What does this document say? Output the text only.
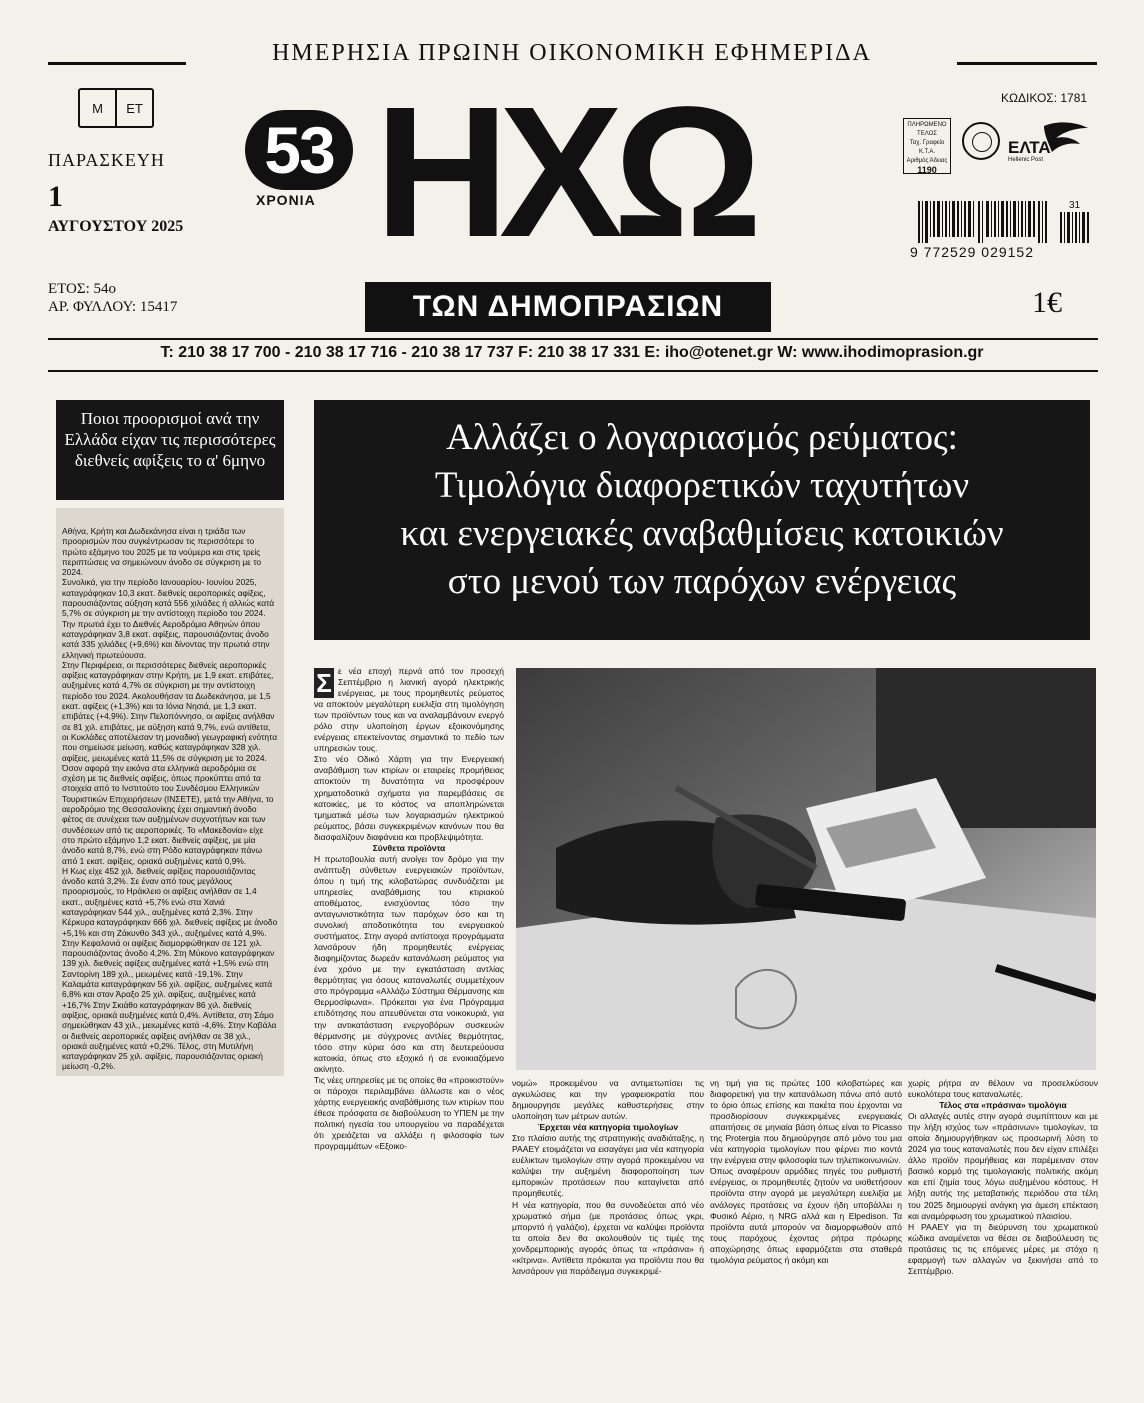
ΗΜΕΡΗΣΙΑ ΠΡΩΙΝΗ ΟΙΚΟΝΟΜΙΚΗ ΕΦΗΜΕΡΙΔΑ
Μ	ΕΤ
ΠΑΡΑΣΚΕΥΗ
1
ΑΥΓΟΥΣΤΟΥ 2025
ΕΤΟΣ: 54ο
ΑΡ. ΦΥΛΛΟΥ: 15417
53
ΧΡΟΝΙΑ ΗΧΩ
ΤΩΝ ΔΗΜΟΠΡΑΣΙΩΝ
ΚΩΔΙΚΟΣ: 1781
ΠΛΗΡΩΜΕΝΟ
ΤΕΛΟΣ
Ταχ. Γραφείο
Κ.Τ.Α.
Αριθμός Άδειας
1190
ΕΛΤΑ
Hellenic Post
9 772529 029152
31
1€
T: 210 38 17 700 - 210 38 17 716 - 210 38 17 737 F: 210 38 17 331 E: iho@otenet.gr W: www.ihodimoprasion.gr
Ποιοι προορισμοί ανά την Ελλάδα είχαν τις περισσότερες διεθνείς αφίξεις το α' 6μηνο

Αθήνα, Κρήτη και Δωδεκάνησα είναι η τριάδα των προορισμών που συγκέντρωσαν τις περισσότερε το πρώτο εξάμηνο του 2025 με τα νούμερα και στις τρείς περιπτώσεις να σημειώνουν άνοδο σε σύγκριση με το 2024.

Συνολικά, για την περίοδο Ιανουαρίου- Ιουνίου 2025, καταγράφηκαν 10,3 εκατ. διεθνείς αεροπορικές αφίξεις, παρουσιάζοντας αύξηση κατά 556 χιλιάδες ή αλλιώς κατά 5,7% σε σύγκριση με την αντίστοιχη περίοδο του 2024. Την πρωτιά έχει το Διεθνές Αεροδρόμιο Αθηνών όπου καταγράφηκαν 3,8 εκατ. αφίξεις, παρουσιάζοντας άνοδο κατά 335 χιλιάδες (+9,6%) και δίνοντας την πρωτιά στην ελληνική πρωτεύουσα.

Στην Περιφέρεια, οι περισσότερες διεθνείς αεροπορικές αφίξεις καταγράφηκαν στην Κρήτη, με 1,9 εκατ. επιβάτες, αυξημένες κατά 4,7% σε σύγκριση με την αντίστοιχη περίοδο του 2024. Ακολουθήσαν τα Δωδεκάνησα, με 1,5 εκατ. αφίξεις (+1,3%) και τα Ιόνια Νησιά, με 1,3 εκατ. επιβάτες (+4,9%). Στην Πελοπόννησο, οι αφίξεις ανήλθαν σε 81 χιλ. επιβάτες, με αύξηση κατά 9,7%, ενώ αντίθετα, οι Κυκλάδες αποτέλεσαν τη μοναδική γεωγραφική ενότητα που σημείωσε μείωση, καθώς καταγράφηκαν 328 χιλ. αφίξεις, μειωμένες κατά 11,5% σε σύγκριση με το 2024.

Όσον αφορά την εικόνα στα ελληνικά αεροδρόμια σε σχέση με τις διεθνείς αφίξεις, όπως προκύπτει από τα στοιχεία από το Ινστιτούτο του Συνδέσμου Ελληνικών Τουριστικών Επιχειρήσεων (ΙΝΣΕΤΕ), μετά την Αθήνα, το αεροδρόμιο της Θεσσαλονίκης έχει σημαντική άνοδο φέτος σε συνέχεια των αυξημένων συχνοτήτων και των συνδέσεων από τις αεροπορικές. Το «Μακεδονία» είχε στο πρώτο εξάμηνο 1,2 εκατ. διεθνείς αφίξεις, με μία άνοδο κατά 8,7%, ενώ στη Ρόδο καταγράφηκαν πάνω από 1 εκατ. αφίξεις, οριακά αυξημένες κατά 0,9%.

Η Κως είχε 452 χιλ. διεθνείς αφίξεις παρουσιάζοντας άνοδο κατά 3,2%. Σε έναν από τους μεγάλους προορισμούς, το Ηράκλειο οι αφίξεις ανήλθαν σε 1,4 εκατ., αυξημένες κατά +5,7% ενώ στα Χανιά καταγράφηκαν 544 χιλ., αυξημένες κατά 2,3%. Στην Κέρκυρα καταγράφηκαν 666 χιλ. διεθνείς αφίξεις με άνοδο +5,1% και στη Ζάκυνθο 343 χιλ., αυξημένες κατά 4,9%. Στην Κεφαλονιά οι αφίξεις διαμορφώθηκαν σε 121 χιλ. παρουσιάζοντας άνοδο 4,2%. Στη Μύκονο καταγράφηκαν 139 χιλ. διεθνείς αφίξεις αυξημένες κατά +1,5% ενώ στη Σαντορίνη 189 χιλ., μειωμένες κατά -19,1%. Στην Καλαμάτα καταγράφηκαν 56 χιλ. αφίξεις, αυξημένες κατά 6,8% και στον Άραξο 25 χιλ. αφίξεις, αυξημένες κατά +16,7% Στην Σκιάθο καταγράφηκαν 86 χιλ. διεθνείς αφίξεις, οριακά αυξημένες κατά 0,4%. Αντίθετα, στη Σάμο σημειώθηκαν 43 χιλ., μειωμένες κατά -4,6%. Στην Καβάλα οι διεθνείς αεροπορικές αφίξεις ανήλθαν σε 38 χιλ., οριακά αυξημένες κατά +0,2%. Τέλος, στη Μυτιλήνη καταγράφηκαν 25 χιλ. αφίξεις, παρουσιάζοντας οριακή μείωση -0,2%.

Αλλάζει ο λογαριασμός ρεύματος:
Τιμολόγια διαφορετικών ταχυτήτων
και ενεργειακές αναβαθμίσεις κατοικιών
στο μενού των παρόχων ενέργειας
Σ ε νέα εποχή περνά από τον προσεχή Σεπτέμβριο η λιανική αγορά ηλεκτρικής ενέργειας, με τους προμηθευτές ρεύματος να αποκτούν μεγαλύτερη ευελιξία στη τιμολόγηση των προϊόντων τους και να αναλαμβάνουν ενεργό ρόλο στην υλοποίηση έργων εξοικονόμησης ενέργειας επεκτείνοντας σημαντικά το πεδίο των υπηρεσιών τους.

Στο νέο Οδικό Χάρτη για την Ενεργειακή αναβάθμιση των κτιρίων οι εταιρείες προμήθειας αποκτούν τη δυνατότητα να προσφέρουν χρηματοδοτικά σχήματα για παρεμβάσεις σε κατοικίες, με το κόστος να αποπληρώνεται τμηματικά μέσω των λογαριασμών ηλεκτρικού ρεύματος, βάσει συγκεκριμένων κανόνων που θα διασφαλίζουν διαφάνεια και προβλεψιμότητα.

Σύνθετα προϊόντα

Η πρωτοβουλία αυτή ανοίγει τον δρόμο για την ανάπτυξη σύνθετων ενεργειακών προϊόντων, όπου η τιμή της κιλοβατώρας συνδυάζεται με υπηρεσίες αναβάθμισης του κτιριακού αποθέματος, ενισχύοντας τόσο την ανταγωνιστικότητα των παρόχων όσο και τη συνολική αποδοτικότητα του ενεργειακού συστήματος. Στην αγορά αντίστοιχα προγράμματα λανσάρουν ήδη προμηθευτές ενέργειας διαφημίζοντας δωρεάν κατανάλωση ρεύματος για ένα χρόνο με την εγκατάσταση αντλίας θερμότητας για όσους καταναλωτές συμμετέχουν στο πρόγραμμα «Αλλάζω Σύστημα Θέρμανσης και Θερμοσίφωνα». Πρόκειται για ένα Πρόγραμμα επιδότησης που απευθύνεται στα νοικοκυριά, για την αντικατάσταση ενεργοβόρων συσκευών θέρμανσης με σύγχρονες αντλίες θερμότητας, τόσο στην κύρια όσο και στη δευτερεύουσα κατοικία, όπως στο εξοχικό ή σε ενοικιαζόμενο ακίνητο.

Τις νέες υπηρεσίες με τις οποίες θα «προικιστούν» οι πάροχοι περιλαμβάνει άλλωστε και ο νέος χάρτης ενεργειακής αναβάθμισης των κτιρίων που έθεσε πρόσφατα σε διαβούλευση το ΥΠΕΝ με την πολιτική ηγεσία του υπουργείου να παραδέχεται ότι χρειάζεται να αλλάξει η φιλοσοφία των προγραμμάτων «Εξοικο-

νομώ» προκειμένου να αντιμετωπίσει τις αγκυλώσεις και την γραφειοκρατία που δημιουργησε μεγάλες καθυστερήσεις στην υλοποίηση των μέτρων αυτών.

Έρχεται νέα κατηγορία τιμολογίων

Στο πλαίσιο αυτής της στρατηγικής αναδιάταξης, η ΡΑΑΕΥ ετοιμάζεται να εισαγάγει μια νέα κατηγορία ευέλικτων τιμολογίων στην αγορά προκειμένου να καλύψει την αυξημένη διαφοροποίηση των εμπορικών προτάσεων που καταγίνεται από προμηθευτές.

Η νέα κατηγορία, που θα συνοδεύεται από νέο χρωματικό σήμα (με προτάσεις όπως γκρι, μπορντό ή γαλάζιο), έρχεται να καλύψει προϊόντα τα οποία δεν θα ακολουθούν τις τιμές της χονδρεμπορικής αγοράς όπως τα «πράσινα» ή «κίτρινα». Αντίθετα πρόκειται για προϊόντα που θα λανσάρουν για παράδειγμα συγκεκριμέ-

νη τιμή για τις πρώτες 100 κιλοβατώρες και διαφορετική για την κατανάλωση πάνω από αυτό το όριο όπως επίσης και πακέτα που έρχονται να προσδιορίσουν συγκεκριμένες ενεργειακές απαιτήσεις σε μηνιαία βάση όπως είναι το Picasso της Protergia που δημιούργησε από μόνο του μια νέα κατηγορία τιμολογίων που φέρνει πιο κοντά την ενέργεια στην φιλοσοφία των τηλεπικοινωνιών.

Όπως αναφέρουν αρμόδιες πηγές του ρυθμιστή ενέργειας, οι προμηθευτές ζητούν να υιοθετήσουν προϊόντα στην αγορά με μεγαλύτερη ευελιξία με ανάλογες προτάσεις να έχουν ήδη υποβάλλει η Φυσικό Αέριο, η NRG αλλά και η Elpedison. Τα προϊόντα αυτά μπορούν να διαμορφωθούν από τους παρόχους έχοντας ρήτρα πρόωρης αποχώρησης όπως εφαρμόζεται στα σταθερά τιμολόγια ρεύματος ή ακόμη και

χωρίς ρήτρα αν θέλουν να προσελκύσουν ευκολότερα τους καταναλωτές.

Τέλος στα «πράσινα» τιμολόγια

Οι αλλαγές αυτές στην αγορά συμπίπτουν και με την λήξη ισχύος των «πράσινων» τιμολογίων, τα οποία δημιουργήθηκαν ως προσωρινή λύση το 2024 για τους καταναλωτές που δεν είχαν επιλέξει άλλο προϊόν προμήθειας και παρέμειναν στον βασικό κορμό της τιμολογιακής πολιτικής ακόμη και επί ζημία τους λόγω αυξημένου κόστους. Η λήξη αυτής της μεταβατικής περιόδου στα τέλη του 2025 δημιουργεί ανάγκη για άμεση επέκταση και αναμόρφωση του χρωματικού πλαισίου.

Η ΡΑΑΕΥ για τη διεύρυνση του χρωματικού κώδικα αναμένεται να θέσει σε διαβούλευση τις προτάσεις τις τις επόμενες μέρες με στόχο η εφαρμογή των αλλαγών να ξεκινήσει από το Σεπτέμβριο.
